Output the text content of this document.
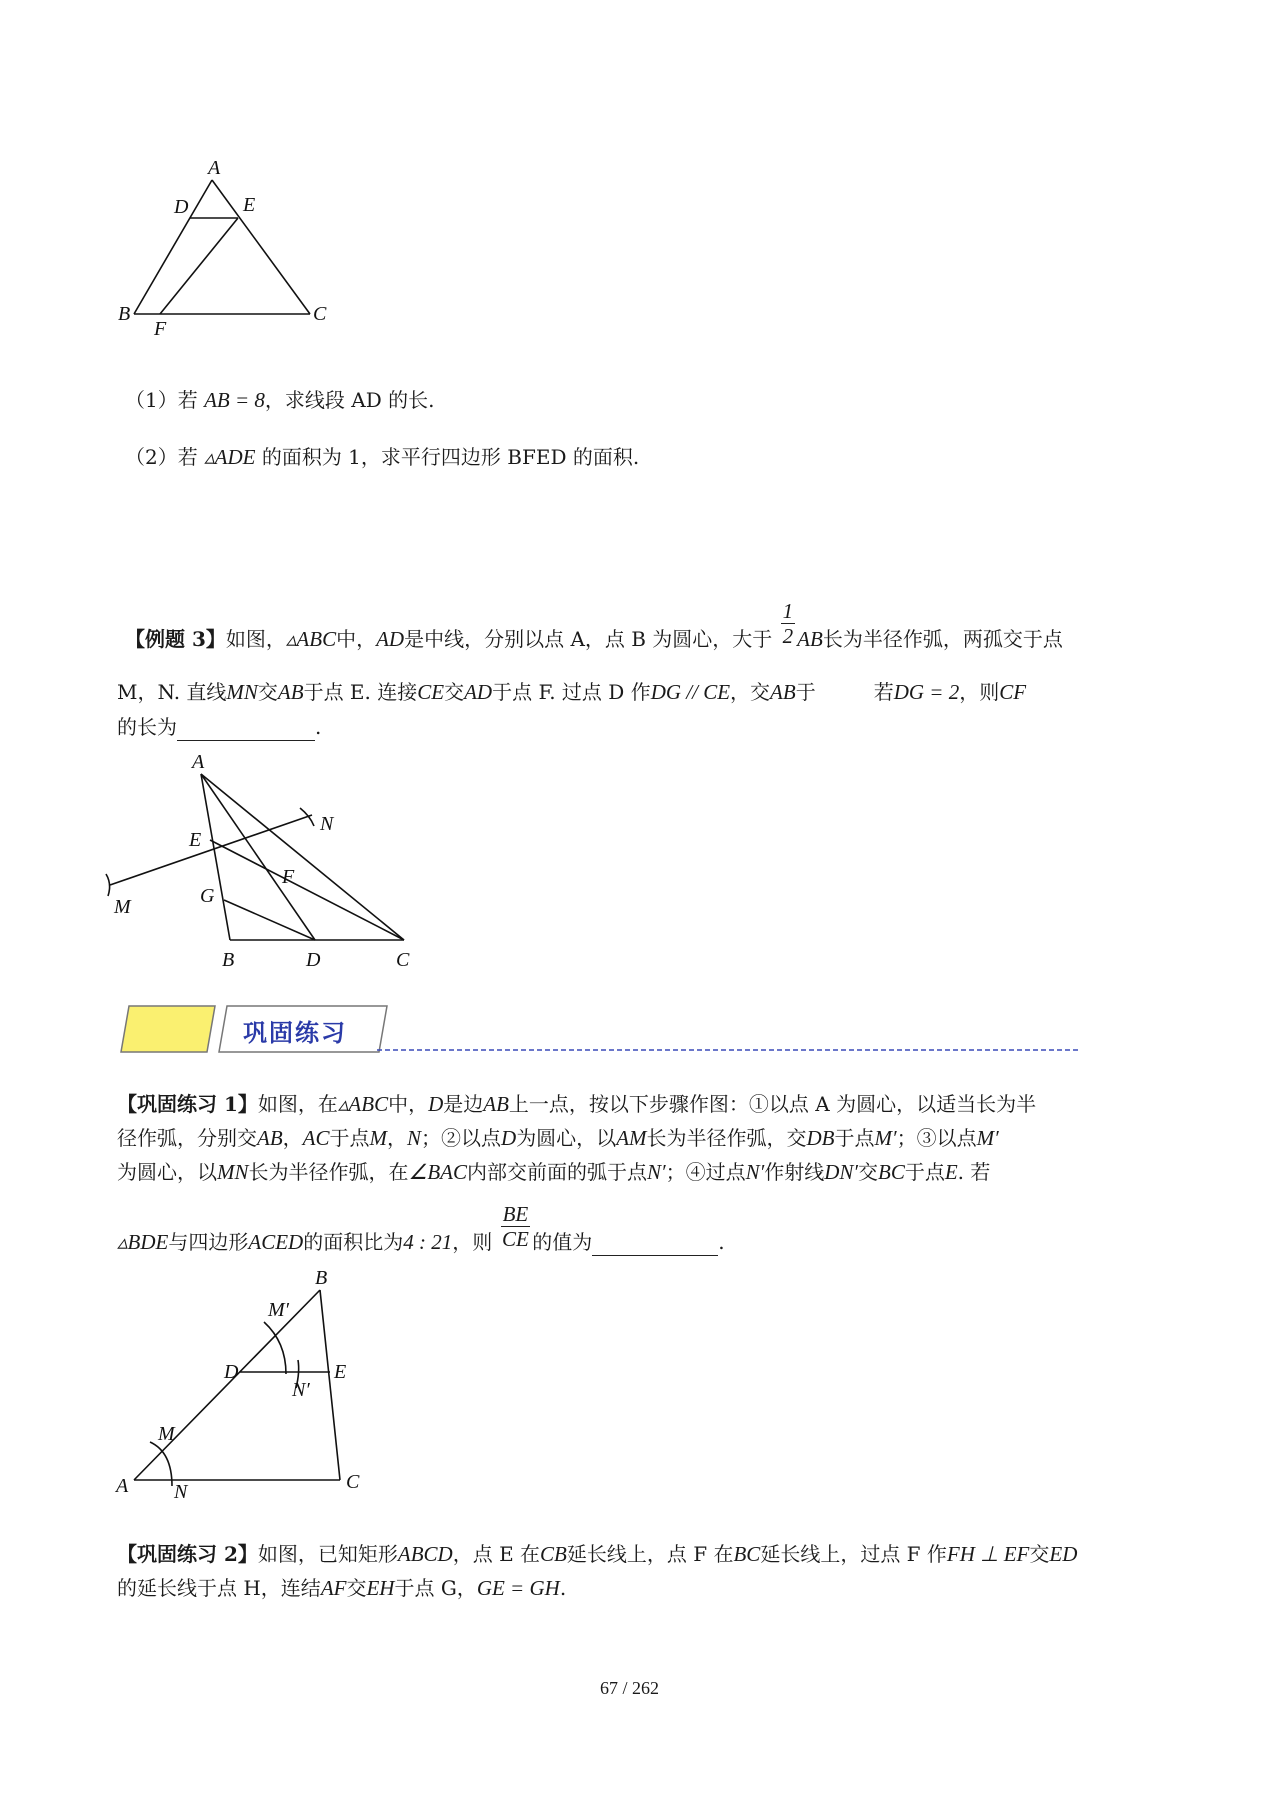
A
D	E
B
F
C
（1）若 AB = 8，求线段 AD 的长.
（2）若 ▵ADE 的面积为 1，求平行四边形 BFED 的面积.
【例题 3】如图，▵ABC中，AD是中线，分别以点 A，点 B 为圆心，大于 $\frac{1}{2}$ AB长为半径作弧，两孤交于点
M，N. 直线MN交AB于点 E. 连接CE交AD于点 F. 过点 D 作DG // CE，交AB于	若DG = 2，则CF
的长为	.
A
N
E
F
M	G
B	D	C
巩固练习
【巩固练习 1】如图，在▵ABC中，D是边AB上一点，按以下步骤作图：①以点 A 为圆心，以适当长为半
径作弧，分别交AB，AC于点M，N；②以点D为圆心，以AM长为半径作弧，交DB于点M′；③以点M′
为圆心，以MN长为半径作弧，在∠BAC内部交前面的弧于点N′；④过点N′作射线DN′交BC于点E. 若
▵BDE与四边形ACED的面积比为4 : 21，则 $\frac{BE}{CE}$ 的值为	.
B
M′
D
N′
E
M
A N	C
【巩固练习 2】如图，已知矩形ABCD，点 E 在CB延长线上，点 F 在BC延长线上，过点 F 作FH ⊥ EF交ED
的延长线于点 H，连结AF交EH于点 G，GE = GH.
67 / 262
